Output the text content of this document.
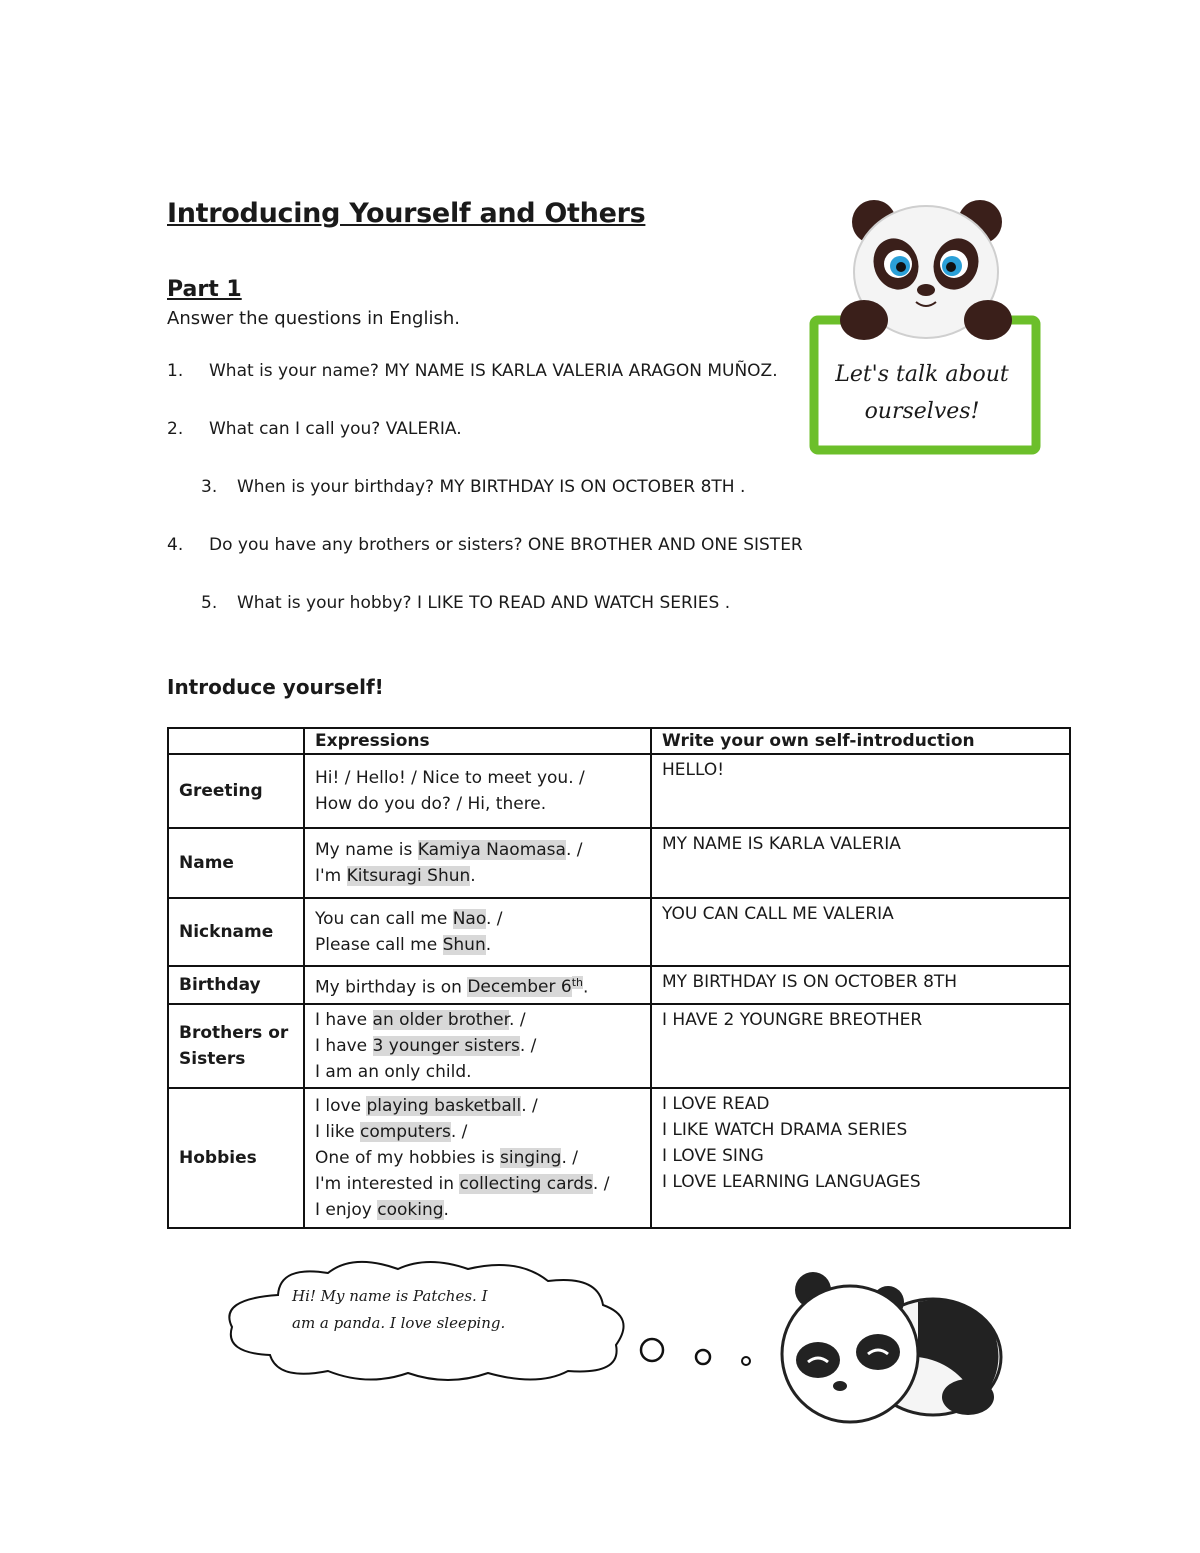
Introducing Yourself and Others
Part 1

Answer the questions in English.

1. What is your name? MY NAME IS KARLA VALERIA ARAGON MUÑOZ.

2. What can I call you? VALERIA.

3. When is your birthday? MY BIRTHDAY IS ON OCTOBER 8TH .

4. Do you have any brothers or sisters? ONE BROTHER AND ONE SISTER

5. What is your hobby? I LIKE TO READ AND WATCH SERIES .

Let's talk about
ourselves!
Introduce yourself!
	Expressions	Write your own self-introduction
Greeting	Hi! / Hello! / Nice to meet you. /
How do you do? / Hi, there.	HELLO!

Name	My name is Kamiya Naomasa. /
I'm Kitsuragi Shun.	MY NAME IS KARLA VALERIA

Nickname	You can call me Nao. /
Please call me Shun.	YOU CAN CALL ME VALERIA

Birthday	My birthday is on December 6th.	MY BIRTHDAY IS ON OCTOBER 8TH

Brothers or Sisters	I have an older brother. /
I have 3 younger sisters. /
I am an only child.	I HAVE 2 YOUNGRE BREOTHER

Hobbies	I love playing basketball. /
I like computers. /
One of my hobbies is singing. /
I'm interested in collecting cards. /
I enjoy cooking.	I LOVE READ
I LIKE WATCH DRAMA SERIES
I LOVE SING
I LOVE LEARNING LANGUAGES
Hi! My name is Patches. I
am a panda. I love sleeping.
